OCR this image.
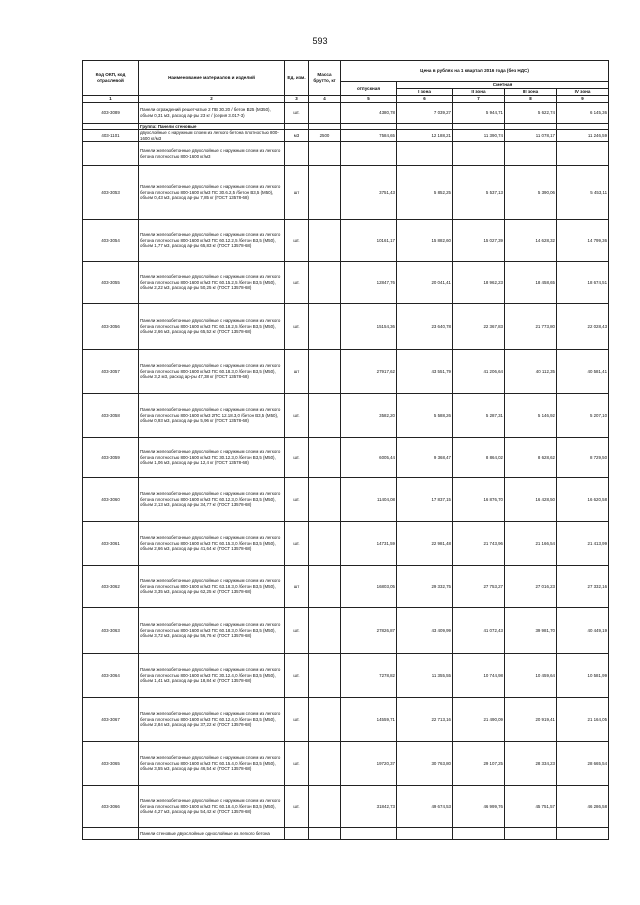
593
Код ОКП, код отраслевой	Наименование материалов и изделий	Ед. изм.	Масса брутто, кг	Цена в рублях на 1 квартал 2016 года (без НДС)				
				отпускная	Сметная			
					I зона	II зона	III зона	IV зона
1	2	3	4	5	6	7	8	9
403-3089	Панели ограждений решетчатые 2 ПВ 30.20 / бетон В25 (М350), объем 0,31 м3, расход ар-ры 23 кг / (серия 3.017-3)	шт.		4380,78	7 039,27	5 944,71	5 622,74	6 145,36
	Группа: Панели стеновые							
403-1101	двухслойные с наружным слоем из легкого бетона плотностью 800-1600 кг/м3	м3	2500	7584,65	12 188,21	11 390,74	11 078,17	11 246,59
	Панели железобетонные двухслойные с наружным слоем из легкого бетона плотностью 800-1600 кг/м3							
403-3053	Панели железобетонные двухслойные с наружным слоем из легкого бетона плотностью 800-1600 кг/м3 ПС 30.6.2,5 /бетон В3,5 (М50), объем 0,43 м3, расход ар-ры 7,85 кг (ГОСТ 13578-68)	шт		3751,43	5 852,25	5 537,13	5 390,06	5 453,11
403-3054	Панели железобетонные двухслойные с наружным слоем из легкого бетона плотностью 800-1600 кг/м3 ПС 60.12.2,5 /бетон В3,5 (М50), объем 1,77 м3, расход ар-ры 65,83 кг (ГОСТ 13578-68)	шт.		10161,17	15 882,60	15 027,39	14 628,32	14 799,36
403-3055	Панели железобетонные двухслойные с наружным слоем из легкого бетона плотностью 800-1600 кг/м3 ПС 60.15.2,5 /бетон В3,5 (М50), объем 2,22 м3, расход ар-ры 50,25 кг (ГОСТ 13578-68)	шт.		12847,76	20 041,41	18 962,23	18 458,65	18 674,51
403-3056	Панели железобетонные двухслойные с наружным слоем из легкого бетона плотностью 800-1600 кг/м3 ПС 60.18.2,5 /бетон В3,5 (М50), объем 2,66 м3, расход ар-ры 65,52 кг (ГОСТ 13578-68)	шт.		15154,36	23 640,78	22 367,83	21 773,80	22 028,43
403-3057	Панели железобетонные двухслойные с наружным слоем из легкого бетона плотностью 800-1600 кг/м3 ПС 60.18.3,0 /бетон В3,5 (М50), объем 3,2 м3, расход ар-ры 47,38 кг (ГОСТ 13578-68)	шт		27917,62	43 551,79	41 206,64	40 112,35	40 581,41
403-3058	Панели железобетонные двухслойные с наружным слоем из легкого бетона плотностью 800-1600 кг/м3 2ПС 12.18.3,0 /бетон В3,5 (М50), объем 0,93 м3, расход ар-ры 5,96 кг (ГОСТ 13578-68)	шт.		3582,20	5 588,26	5 287,31	5 146,92	5 207,10
403-3059	Панели железобетонные двухслойные с наружным слоем из легкого бетона плотностью 800-1600 кг/м3 ПС 30.12.3,0 /бетон В3,5 (М50), объем 1,06 м3, расход ар-ры 12,4 кг (ГОСТ 13578-68)	шт.		6005,44	9 368,47	8 864,02	8 628,62	8 729,50
403-3060	Панели железобетонные двухслойные с наружным слоем из легкого бетона плотностью 800-1600 кг/м3 ПС 60.12.3,0 /бетон В3,5 (М50), объем 2,13 м3, расход ар-ры 34,77 кг (ГОСТ 13578-68)	шт.		11404,08	17 837,15	16 876,70	16 428,50	16 620,58
403-3061	Панели железобетонные двухслойные с наружным слоем из легкого бетона плотностью 800-1600 кг/м3 ПС 60.15.3,0 /бетон В3,5 (М50), объем 2,66 м3, расход ар-ры 41,64 кг (ГОСТ 13578-68)	шт.		14731,59	22 981,48	21 743,96	21 166,54	21 413,99
403-3062	Панели железобетонные двухслойные с наружным слоем из легкого бетона плотностью 800-1600 кг/м3 ПС 63.18.3,0 /бетон В3,5 (М50), объем 3,35 м3, расход ар-ры 62,25 кг (ГОСТ 13578-68)	шт		16803,05	29 332,75	27 753,27	27 016,23	27 332,16
403-3063	Панели железобетонные двухслойные с наружным слоем из легкого бетона плотностью 800-1600 кг/м3 ПС 60.18.3,0 /бетон В3,5 (М50), объем 3,72 м3, расход ар-ры 56,76 кг (ГОСТ 13578-68)	шт.		27826,87	43 409,99	41 072,43	39 981,70	40 449,19
403-3064	Панели железобетонные двухслойные с наружным слоем из легкого бетона плотностью 800-1600 кг/м3 ПС 30.12.4,0 /бетон В3,5 (М50), объем 1,41 м3, расход ар-ры 18,84 кг (ГОСТ 13578-68)	шт.		7278,82	11 355,55	10 744,98	10 459,64	10 581,99
403-3067	Панели железобетонные двухслойные с наружным слоем из легкого бетона плотностью 800-1600 кг/м3 ПС 60.12.4,0 /бетон В3,5 (М50), объем 2,84 м3, расход ар-ры 37,22 кг (ГОСТ 13578-68)	шт.		14559,71	22 713,16	21 490,09	20 919,41	21 164,05
403-3065	Панели железобетонные двухслойные с наружным слоем из легкого бетона плотностью 800-1600 кг/м3 ПС 60.15.4,0 /бетон В3,5 (М50), объем 3,55 м3, расход ар-ры 46,54 кг (ГОСТ 13578-68)	шт.		19720,37	30 763,80	29 107,25	28 334,23	28 665,54
403-3066	Панели железобетонные двухслойные с наружным слоем из легкого бетона плотностью 800-1600 кг/м3 ПС 60.18.4,0 /бетон В3,5 (М50), объем 4,27 м3, расход ар-ры 54,42 кг (ГОСТ 13578-68)	шт.		31842,73	49 674,53	46 999,76	45 751,57	46 286,58
	Панели стеновые двухслойные однослойные из легкого бетона							
